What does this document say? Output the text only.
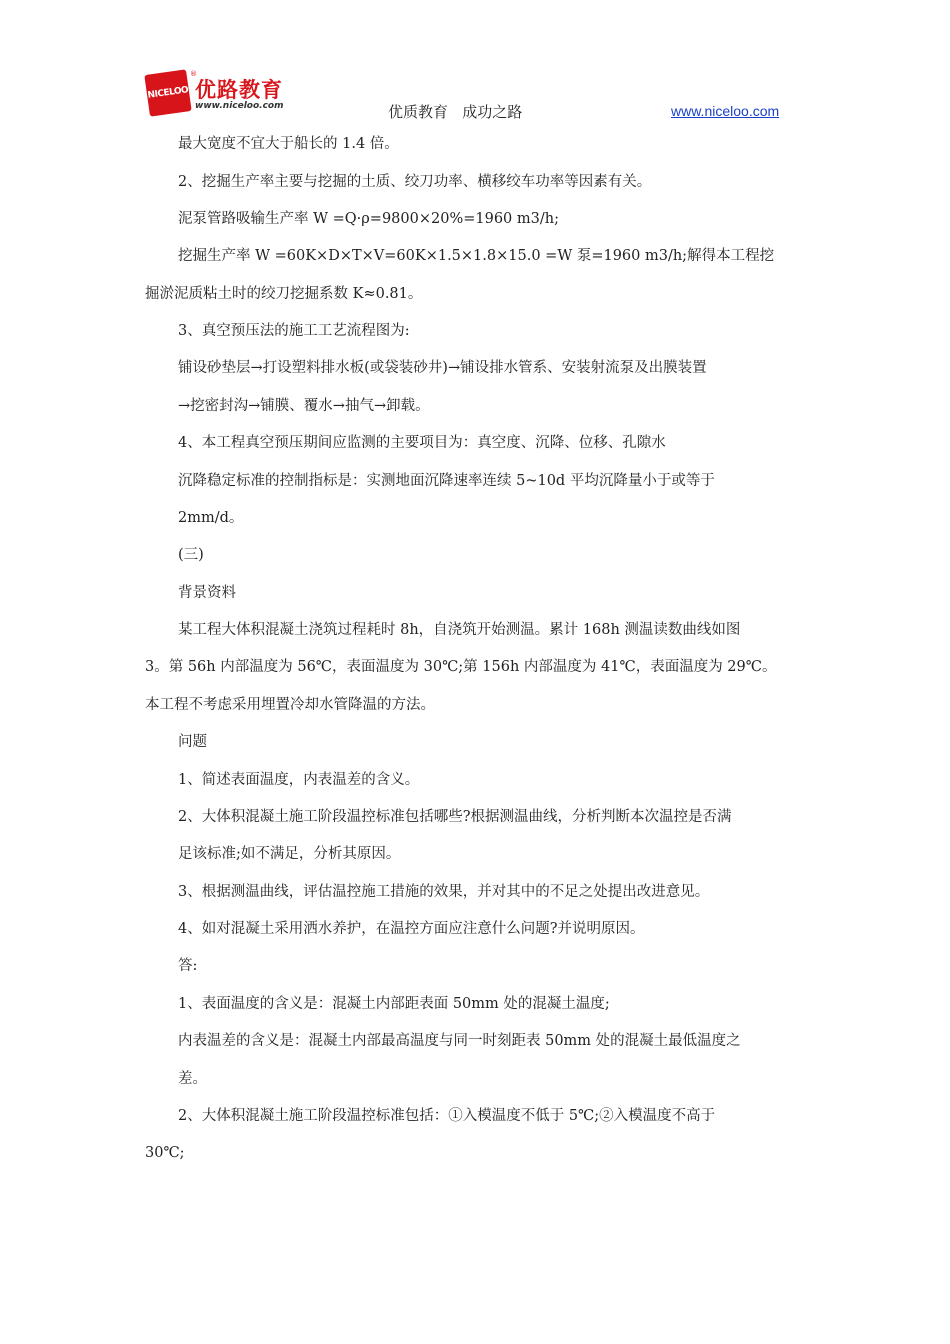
NICELOO
®
优路教育
www.niceloo.com	优质教育   成功之路	www.niceloo.com
最大宽度不宜大于船长的 1.4 倍。
2、挖掘生产率主要与挖掘的土质、绞刀功率、横移绞车功率等因素有关。
泥泵管路吸输生产率 W =Q·ρ=9800×20%=1960 m3/h;
挖掘生产率 W =60K×D×T×V=60K×1.5×1.8×15.0 =W 泵=1960 m3/h;解得本工程挖
掘淤泥质粘土时的绞刀挖掘系数 K≈0.81。
3、真空预压法的施工工艺流程图为:
铺设砂垫层→打设塑料排水板(或袋装砂井)→铺设排水管系、安装射流泵及出膜装置
→挖密封沟→铺膜、覆水→抽气→卸载。
4、本工程真空预压期间应监测的主要项目为：真空度、沉降、位移、孔隙水
沉降稳定标准的控制指标是：实测地面沉降速率连续 5~10d 平均沉降量小于或等于
2mm/d。
(三)
背景资料
某工程大体积混凝土浇筑过程耗时 8h，自浇筑开始测温。累计 168h 测温读数曲线如图
3。第 56h 内部温度为 56℃，表面温度为 30℃;第 156h 内部温度为 41℃，表面温度为 29℃。
本工程不考虑采用埋置冷却水管降温的方法。
问题
1、简述表面温度，内表温差的含义。
2、大体积混凝土施工阶段温控标准包括哪些?根据测温曲线，分析判断本次温控是否满
足该标准;如不满足，分析其原因。
3、根据测温曲线，评估温控施工措施的效果，并对其中的不足之处提出改进意见。
4、如对混凝土采用洒水养护，在温控方面应注意什么问题?并说明原因。
答:
1、表面温度的含义是：混凝土内部距表面 50mm 处的混凝土温度;
内表温差的含义是：混凝土内部最高温度与同一时刻距表 50mm 处的混凝土最低温度之
差。
2、大体积混凝土施工阶段温控标准包括：①入模温度不低于 5℃;②入模温度不高于
30℃;
